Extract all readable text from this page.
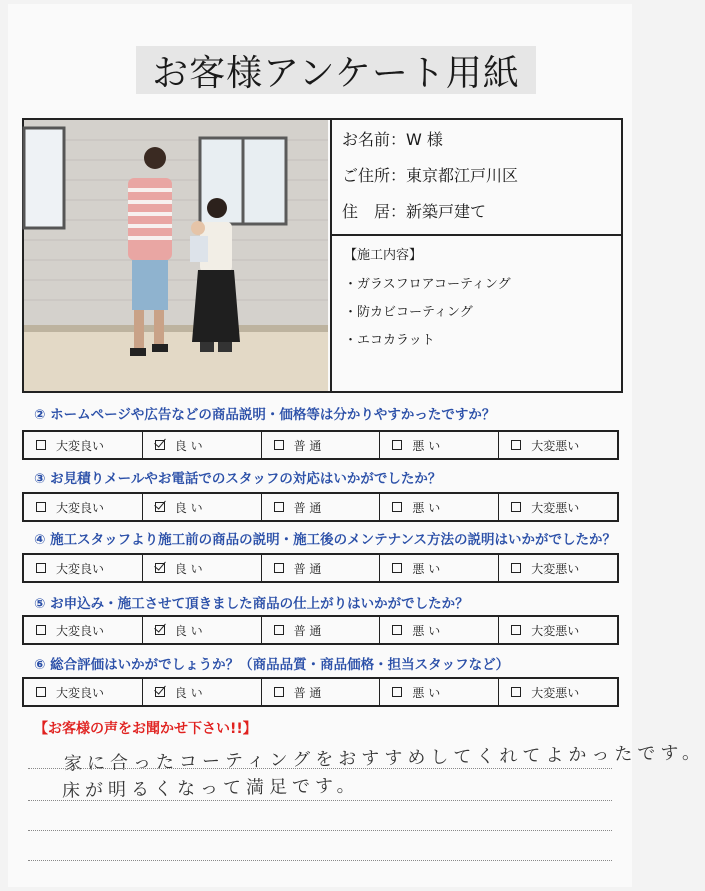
お客様アンケート用紙
お名前：W 様
ご住所：東京都江戸川区
住　居：新築戸建て
【施工内容】
・ガラスフロアコーティング
・防カビコーティング
・エコカラット
② ホームページや広告などの商品説明・価格等は分かりやすかったですか？
大変良い	良 い	普 通	悪 い	大変悪い
③ お見積りメールやお電話でのスタッフの対応はいかがでしたか？
大変良い	良 い	普 通	悪 い	大変悪い
④ 施工スタッフより施工前の商品の説明・施工後のメンテナンス方法の説明はいかがでしたか？
大変良い	良 い	普 通	悪 い	大変悪い
⑤ お申込み・施工させて頂きました商品の仕上がりはいかがでしたか？
大変良い	良 い	普 通	悪 い	大変悪い
⑥ 総合評価はいかがでしょうか？（商品品質・商品価格・担当スタッフなど）
大変良い	良 い	普 通	悪 い	大変悪い
【お客様の声をお聞かせ下さい!!】
家に合ったコーティングをおすすめしてくれてよかったです。
床が明るくなって満足です。
